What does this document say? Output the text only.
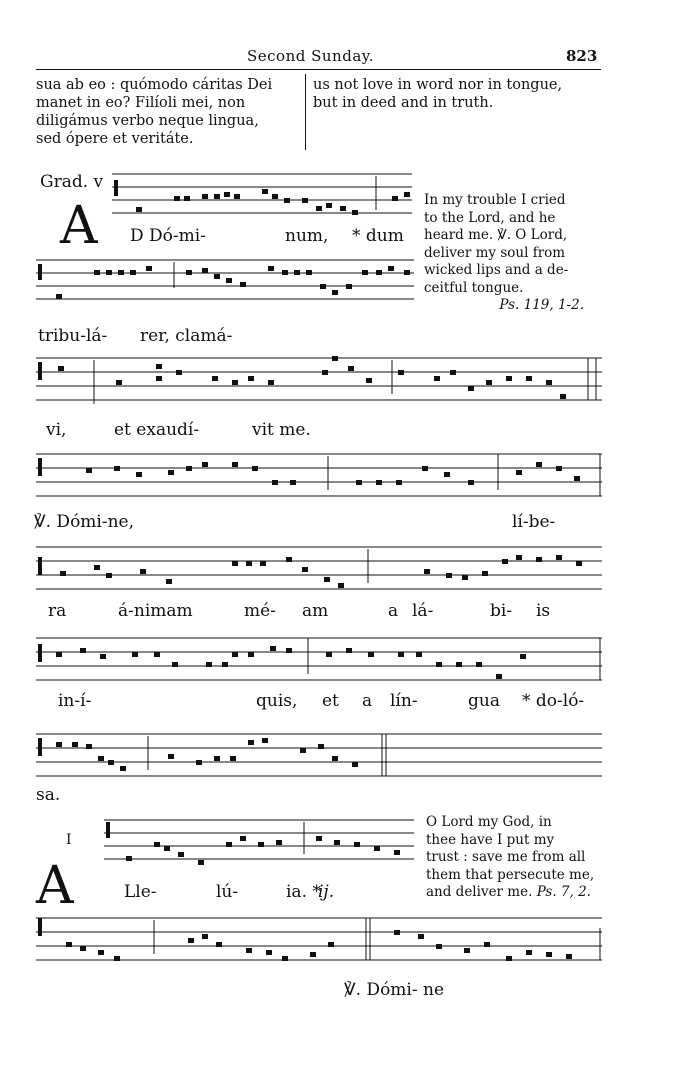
Second Sunday.	823
sua ab eo : quómodo cáritas Dei
manet in eo? Filíoli mei, non
diligámus verbo neque lingua,
sed ópere et veritáte.
us not love in word nor in tongue,
but in deed and in truth.
Grad. v
A D Dó-mi-	num, * dum
In my trouble I cried
to the Lord, and he
heard me. ℣. O Lord,
deliver my soul from
wicked lips and a de-
ceitful tongue.
Ps. 119, 1-2.
tribu-lá- rer, clamá-
vi,	et exaudí-	vit me.
℣. Dómi-ne,	lí-be-
ra	á-nimam	mé- am	a lá-	bi- is
in-í-	quis, et a lín-	gua * do-ló-
sa.
I
A	Lle-	lú-	ia. *
ij.
O Lord my God, in
thee have I put my
trust : save me from all
them that persecute me,
and deliver me. Ps. 7, 2.
℣. Dómi- ne
